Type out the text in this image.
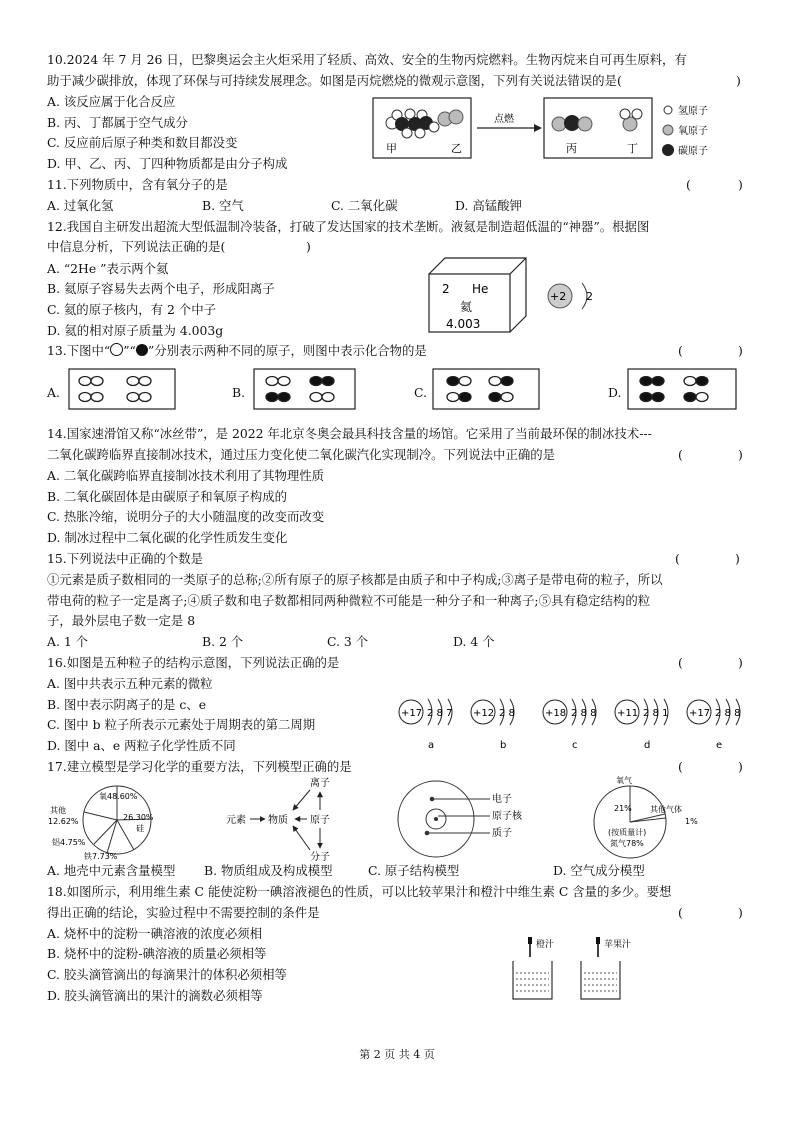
10.2024 年 7 月 26 日，巴黎奥运会主火炬采用了轻质、高效、安全的生物丙烷燃料。生物丙烷来自可再生原料，有
助于减少碳排放，体现了环保与可持续发展理念。如图是丙烷燃烧的微观示意图，下列有关说法错误的是(	)
A. 该反应属于化合反应
B. 丙、丁都属于空气成分
C. 反应前后原子种类和数目都没变
D. 甲、乙、丙、丁四种物质都是由分子构成
甲	乙
点燃
丙	丁
氢原子
氧原子
碳原子
11.下列物质中，含有氧分子的是	(	)
A. 过氧化氢	B. 空气	C. 二氧化碳	D. 高锰酸钾
12.我国自主研发出超流大型低温制冷装备，打破了发达国家的技术垄断。液氦是制造超低温的“神器”。根据图
中信息分析，下列说法正确的是(	)
A. “2He ”表示两个氦
B. 氦原子容易失去两个电子，形成阳离子
C. 氦的原子核内，有 2 个中子
D. 氦的相对原子质量为 4.003g
2 He
氦
4.003
+2 2
13.下图中“ ”“ ”分别表示两种不同的原子，则图中表示化合物的是	(	)
A.	B.	C.	D.
14.国家速滑馆又称“冰丝带”，是 2022 年北京冬奥会最具科技含量的场馆。它采用了当前最环保的制冰技术---
二氧化碳跨临界直接制冰技术，通过压力变化使二氧化碳汽化实现制冷。下列说法中正确的是	(	)
A. 二氧化碳跨临界直接制冰技术利用了其物理性质
B. 二氧化碳固体是由碳原子和氧原子构成的
C. 热胀冷缩，说明分子的大小随温度的改变而改变
D. 制冰过程中二氧化碳的化学性质发生变化
15.下列说法中正确的个数是	(	)
①元素是质子数相同的一类原子的总称;②所有原子的原子核都是由质子和中子构成;③离子是带电荷的粒子，所以
带电荷的粒子一定是离子;④质子数和电子数都相同两种微粒不可能是一种分子和一种离子;⑤具有稳定结构的粒
子，最外层电子数一定是 8
A. 1 个	B. 2 个	C. 3 个	D. 4 个
16.如图是五种粒子的结构示意图，下列说法正确的是	(	)
A. 图中共表示五种元素的微粒
B. 图中表示阴离子的是 c、e
C. 图中 b 粒子所表示元素处于周期表的第二周期
D. 图中 a、e 两粒子化学性质不同
+17 2 8 7
a
+12 2 8
b
+18 2 8 8
c
+11 2 8 1
d
+17 2 8 8
e
17.建立模型是学习化学的重要方法，下列模型正确的是	(	)
氧48.60%
26.30%
硅
其他
12.62%
铝4.75%
铁7.73%
离子
元素 物质 原子
分子
电子
原子核
质子
氧气
21% 其他气体
1%
(按质量计)
氮气78%
A. 地壳中元素含量模型 B. 物质组成及构成模型	C. 原子结构模型	D. 空气成分模型
18.如图所示，利用维生素 C 能使淀粉一碘溶液褪色的性质，可以比较苹果汁和橙汁中维生素 C 含量的多少。要想
得出正确的结论，实验过程中不需要控制的条件是	(	)
A. 烧杯中的淀粉一碘溶液的浓度必须相
B. 烧杯中的淀粉-碘溶液的质量必须相等
C. 胶头滴管滴出的每滴果汁的体积必须相等
D. 胶头滴管滴出的果汁的滴数必须相等
橙汁	苹果汁
第 2 页 共 4 页
